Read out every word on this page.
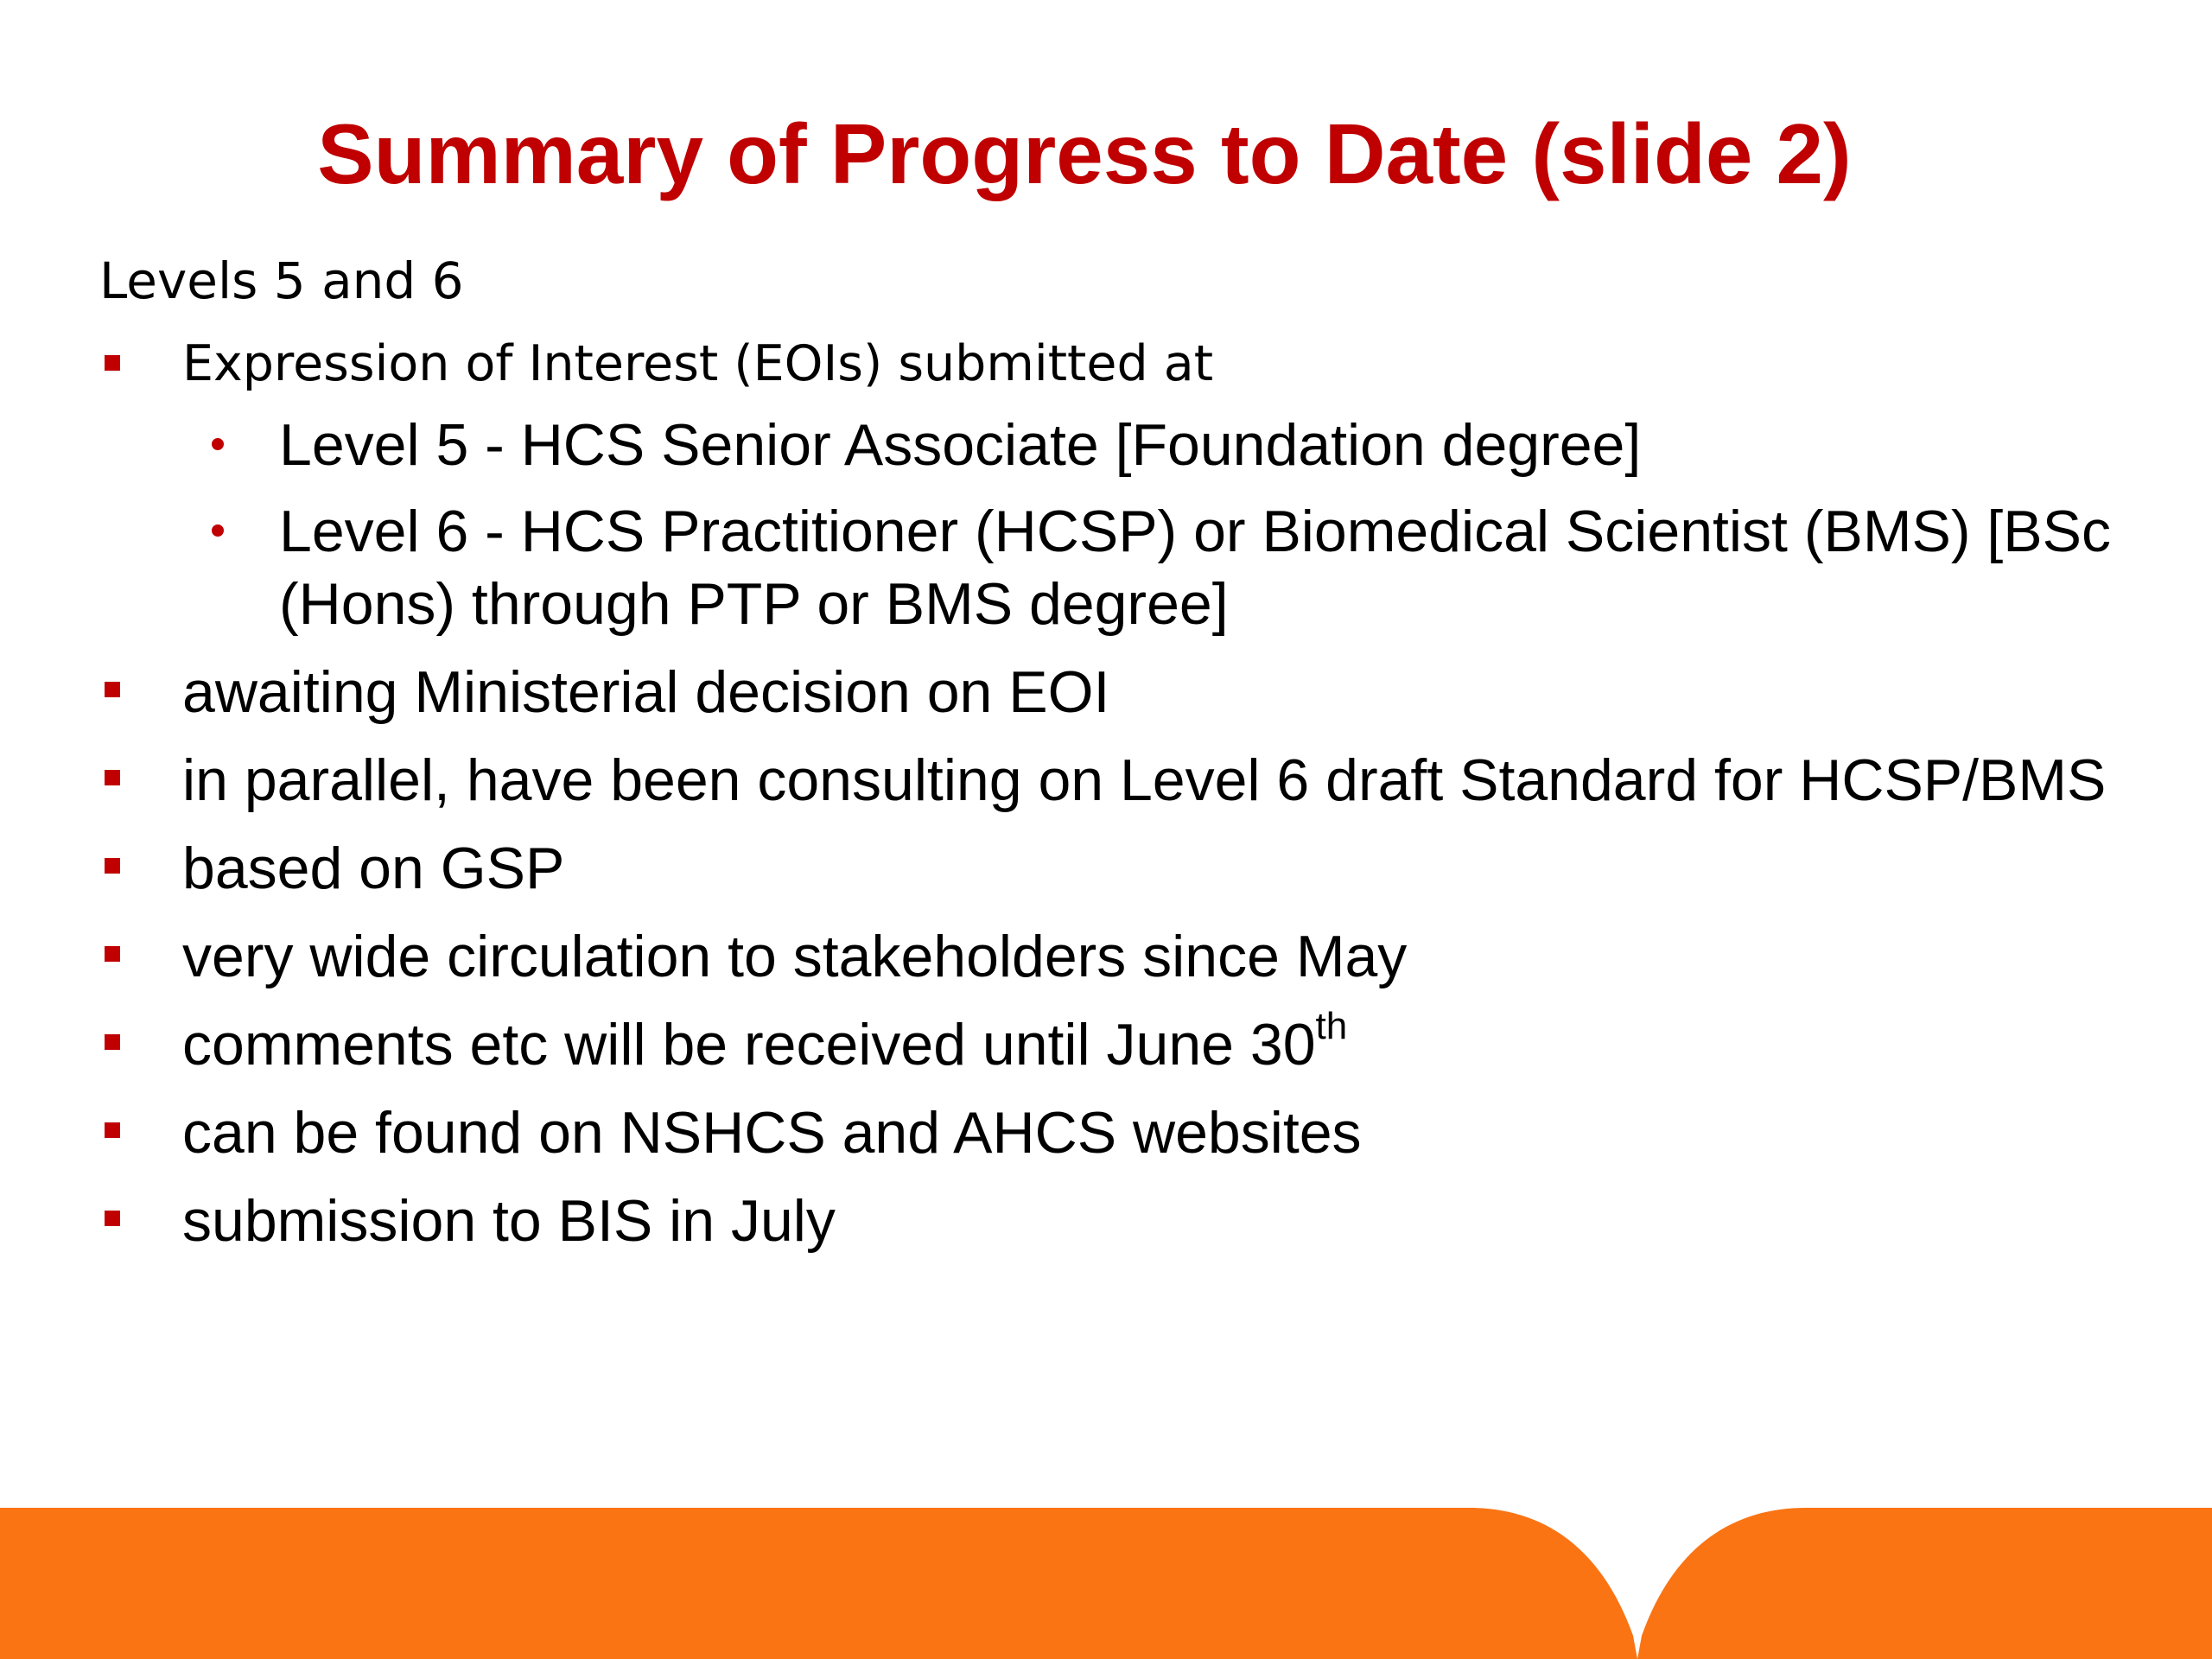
Summary of Progress to Date (slide 2)
Levels 5 and 6
Expression of Interest (EOIs) submitted at
Level 5 - HCS Senior Associate [Foundation degree]
Level 6 - HCS Practitioner (HCSP) or Biomedical Scientist (BMS) [BSc (Hons) through PTP or BMS degree]
awaiting Ministerial decision on EOI
in parallel, have been consulting on Level 6 draft Standard for HCSP/BMS
based on GSP
very wide circulation to stakeholders since May
comments etc will be received until June 30th
can be found on NSHCS and AHCS websites
submission to BIS in July
